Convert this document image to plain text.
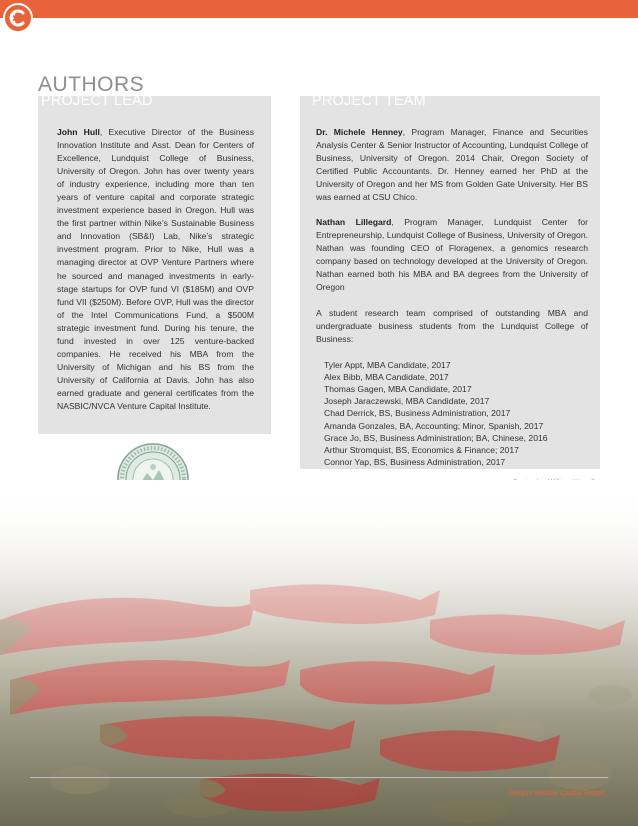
AUTHORS
PROJECT LEAD
John Hull, Executive Director of the Business Innovation Institute and Asst. Dean for Centers of Excellence, Lundquist College of Business, University of Oregon. John has over twenty years of industry experience, including more than ten years of venture capital and corporate strategic investment experience based in Oregon. Hull was the first partner within Nike’s Sustainable Business and Innovation (SB&I) Lab, Nike’s strategic investment program. Prior to Nike, Hull was a managing director at OVP Venture Partners where he sourced and managed investments in early-stage startups for OVP fund VI ($185M) and OVP fund VII ($250M). Before OVP, Hull was the director of the Intel Communications Fund, a $500M strategic investment fund. During his tenure, the fund invested in over 125 venture-backed companies. He received his MBA from the University of Michigan and his BS from the University of California at Davis. John has also earned graduate and general certificates from the NASBIC/NVCA Venture Capital Institute.
PROJECT TEAM

Dr. Michele Henney, Program Manager, Finance and Securities Analysis Center & Senior Instructor of Accounting, Lundquist College of Business, University of Oregon. 2014 Chair, Oregon Society of Certified Public Accountants. Dr. Henney earned her PhD at the University of Oregon and her MS from Golden Gate University. Her BS was earned at CSU Chico.

Nathan Lillegard, Program Manager, Lundquist Center for Entrepreneurship, Lundquist College of Business, University of Oregon. Nathan was founding CEO of Floragenex, a genomics research company based on technology developed at the University of Oregon. Nathan earned both his MBA and BA degrees from the University of Oregon

A student research team comprised of outstanding MBA and undergraduate business students from the Lundquist College of Business:

Tyler Appt, MBA Candidate, 2017
Alex Bibb, MBA Candidate, 2017
Thomas Gagen, MBA Candidate, 2017
Joseph Jaraczewski, MBA Candidate, 2017
Chad Derrick, BS, Business Administration, 2017
Amanda Gonzales, BA, Accounting; Minor, Spanish, 2017
Grace Jo, BS, Business Administration; BA, Chinese, 2016
Arthur Stromquist, BS, Economics & Finance; 2017
Connor Yap, BS, Business Administration, 2017
Oregon Venture Capital Report
